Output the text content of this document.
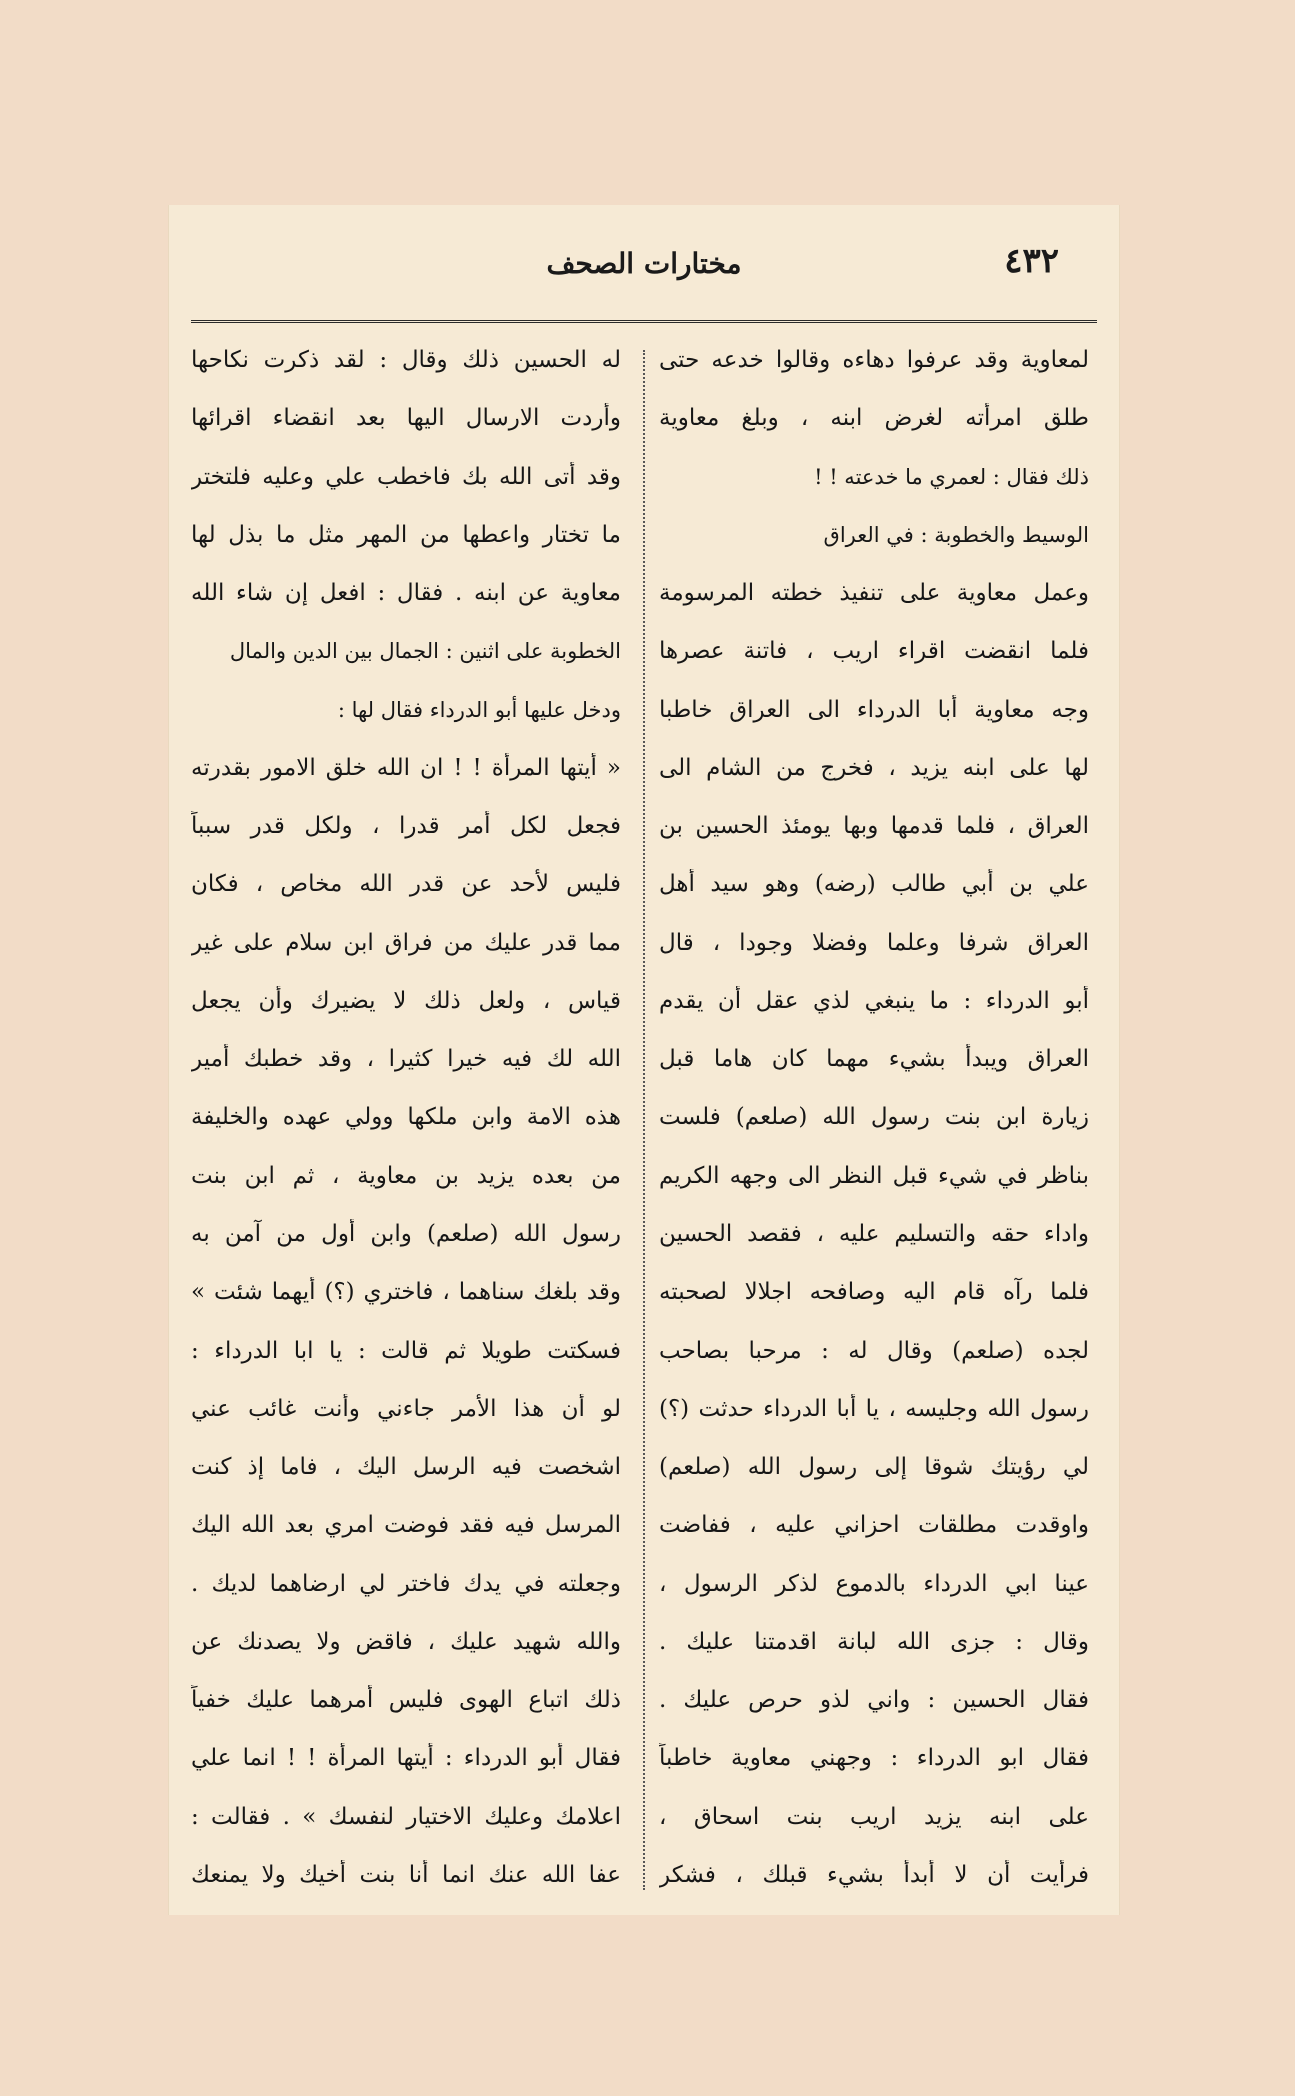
مختارات الصحف	٤٣٢
لمعاوية وقد عرفوا دهاءه وقالوا خدعه حتى
طلق امرأته لغرض ابنه ، وبلغ معاوية
ذلك فقال : لعمري ما خدعته ! !
الوسيط والخطوبة : في العراق
وعمل معاوية على تنفيذ خطته المرسومة
فلما انقضت اقراء اريب ، فاتنة عصرها
وجه معاوية أبا الدرداء الى العراق خاطبا
لها على ابنه يزيد ، فخرج من الشام الى
العراق ، فلما قدمها وبها يومئذ الحسين بن
علي بن أبي طالب (رضه) وهو سيد أهل
العراق شرفا وعلما وفضلا وجودا ، قال
أبو الدرداء : ما ينبغي لذي عقل أن يقدم
العراق ويبدأ بشيء مهما كان هاما قبل
زيارة ابن بنت رسول الله (صلعم) فلست
بناظر في شيء قبل النظر الى وجهه الكريم
واداء حقه والتسليم عليه ، فقصد الحسين
فلما رآه قام اليه وصافحه اجلالا لصحبته
لجده (صلعم) وقال له : مرحبا بصاحب
رسول الله وجليسه ، يا أبا الدرداء حدثت (؟)
لي رؤيتك شوقا إلى رسول الله (صلعم)
واوقدت مطلقات احزاني عليه ، ففاضت
عينا ابي الدرداء بالدموع لذكر الرسول ،
وقال : جزى الله لبانة اقدمتنا عليك .
فقال الحسين : واني لذو حرص عليك .
فقال ابو الدرداء : وجهني معاوية خاطباً
على ابنه يزيد اريب بنت اسحاق ،
فرأيت أن لا أبدأ بشيء قبلك ، فشكر
له الحسين ذلك وقال : لقد ذكرت نكاحها
وأردت الارسال اليها بعد انقضاء اقرائها
وقد أتى الله بك فاخطب علي وعليه فلتختر
ما تختار واعطها من المهر مثل ما بذل لها
معاوية عن ابنه . فقال : افعل إن شاء الله
الخطوبة على اثنين : الجمال بين الدين والمال
ودخل عليها أبو الدرداء فقال لها :
« أيتها المرأة ! ! ان الله خلق الامور بقدرته
فجعل لكل أمر قدرا ، ولكل قدر سبباً
فليس لأحد عن قدر الله مخاص ، فكان
مما قدر عليك من فراق ابن سلام على غير
قياس ، ولعل ذلك لا يضيرك وأن يجعل
الله لك فيه خيرا كثيرا ، وقد خطبك أمير
هذه الامة وابن ملكها وولي عهده والخليفة
من بعده يزيد بن معاوية ، ثم ابن بنت
رسول الله (صلعم) وابن أول من آمن به
وقد بلغك سناهما ، فاختري (؟) أيهما شئت »
فسكتت طويلا ثم قالت : يا ابا الدرداء :
لو أن هذا الأمر جاءني وأنت غائب عني
اشخصت فيه الرسل اليك ، فاما إذ كنت
المرسل فيه فقد فوضت امري بعد الله اليك
وجعلته في يدك فاختر لي ارضاهما لديك .
والله شهيد عليك ، فاقض ولا يصدنك عن
ذلك اتباع الهوى فليس أمرهما عليك خفياً
فقال أبو الدرداء : أيتها المرأة ! ! انما علي
اعلامك وعليك الاختيار لنفسك » . فقالت :
عفا الله عنك انما أنا بنت أخيك ولا يمنعك
